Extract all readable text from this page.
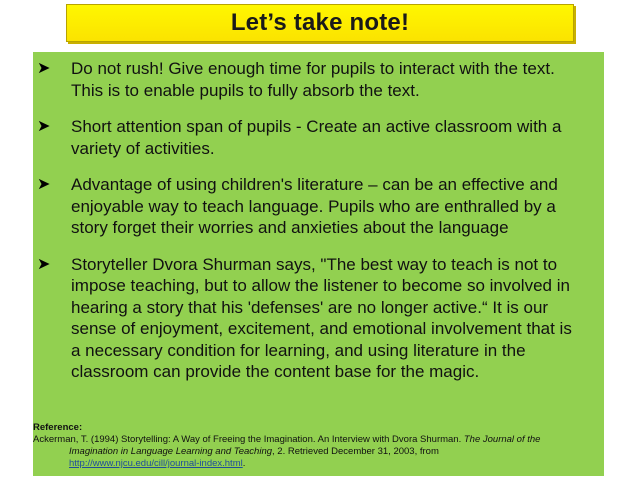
Let’s take note!
➤ Do not rush! Give enough time for pupils to interact with the text.
This is to enable pupils to fully absorb the text.
➤ Short attention span of pupils - Create an active classroom with a
variety of activities.
➤ Advantage of using children's literature – can be an effective and
enjoyable way to teach language. Pupils who are enthralled by a
story forget their worries and anxieties about the language
➤ Storyteller Dvora Shurman says, "The best way to teach is not to
impose teaching, but to allow the listener to become so involved in
hearing a story that his 'defenses' are no longer active.“ It is our
sense of enjoyment, excitement, and emotional involvement that is
a necessary condition for learning, and using literature in the
classroom can provide the content base for the magic.
Reference:
Ackerman, T. (1994) Storytelling: A Way of Freeing the Imagination. An Interview with Dvora Shurman. The Journal of the
Imagination in Language Learning and Teaching, 2. Retrieved December 31, 2003, from
http://www.njcu.edu/cill/journal-index.html.
